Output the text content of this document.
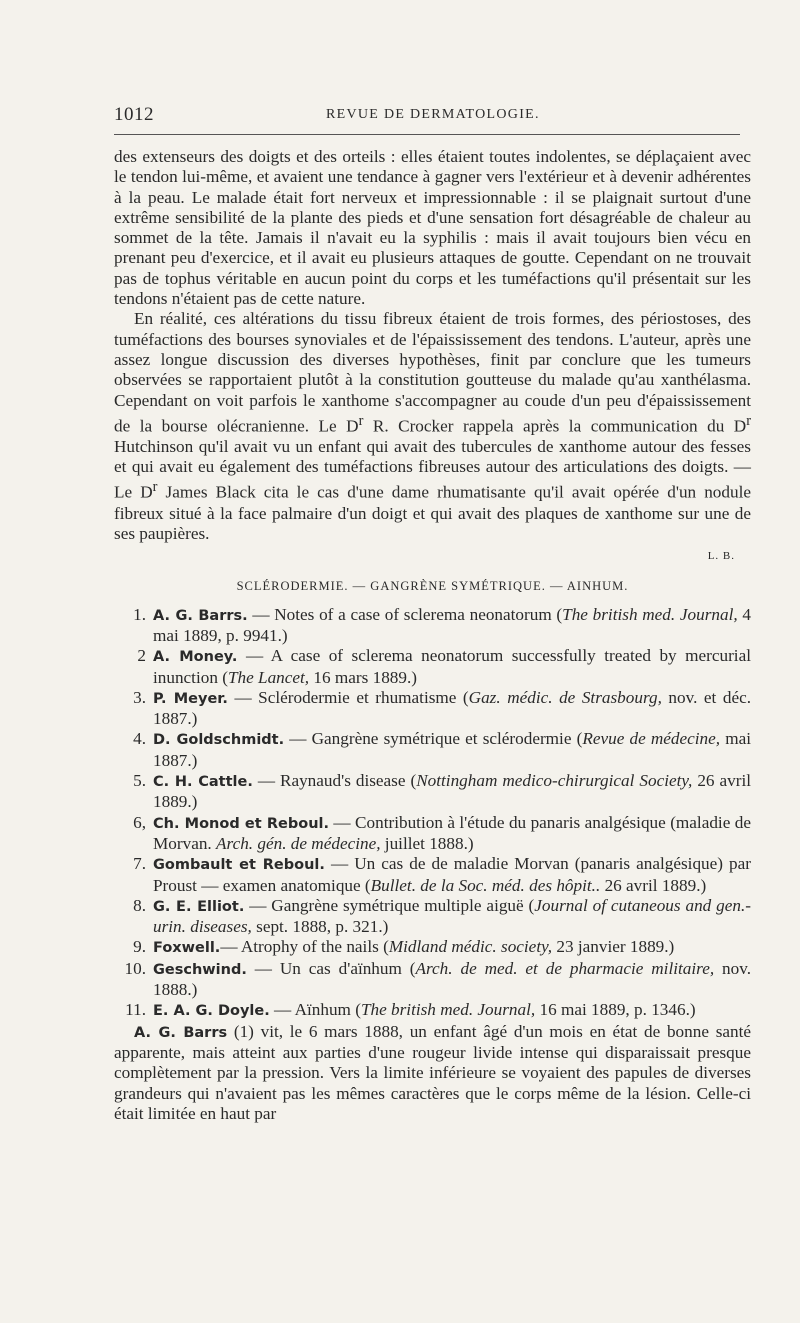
1012	REVUE DE DERMATOLOGIE.

des extenseurs des doigts et des orteils : elles étaient toutes indolentes, se déplaçaient avec le tendon lui-même, et avaient une tendance à gagner vers l'extérieur et à devenir adhérentes à la peau. Le malade était fort nerveux et impressionnable : il se plaignait surtout d'une extrême sensibilité de la plante des pieds et d'une sensation fort désagréable de chaleur au sommet de la tête. Jamais il n'avait eu la syphilis : mais il avait toujours bien vécu en prenant peu d'exercice, et il avait eu plusieurs attaques de goutte. Cependant on ne trouvait pas de tophus véritable en aucun point du corps et les tuméfactions qu'il présentait sur les tendons n'étaient pas de cette nature.

En réalité, ces altérations du tissu fibreux étaient de trois formes, des périostoses, des tuméfactions des bourses synoviales et de l'épaississement des tendons. L'auteur, après une assez longue discussion des diverses hypothèses, finit par conclure que les tumeurs observées se rapportaient plutôt à la constitution goutteuse du malade qu'au xanthélasma. Cependant on voit parfois le xanthome s'accompagner au coude d'un peu d'épaississement de la bourse olécranienne. Le $D^r$ R. Crocker rappela après la communication du $D^r$ Hutchinson qu'il avait vu un enfant qui avait des tubercules de xanthome autour des fesses et qui avait eu également des tuméfactions fibreuses autour des articulations des doigts. — Le $D^r$ James Black cita le cas d'une dame rhumatisante qu'il avait opérée d'un nodule fibreux situé à la face palmaire d'un doigt et qui avait des plaques de xanthome sur une de ses paupières.

L. B.
SCLÉRODERMIE. — GANGRÈNE SYMÉTRIQUE. — AINHUM.
1. A. G. Barrs. — Notes of a case of sclerema neonatorum (The british med. Journal, 4 mai 1889, p. 9941.)
2 A. Money. — A case of sclerema neonatorum successfully treated by mercurial inunction (The Lancet, 16 mars 1889.)
3. P. Meyer. — Sclérodermie et rhumatisme (Gaz. médic. de Strasbourg, nov. et déc. 1887.)
4. D. Goldschmidt. — Gangrène symétrique et sclérodermie (Revue de médecine, mai 1887.)
5. C. H. Cattle. — Raynaud's disease (Nottingham medico-chirurgical Society, 26 avril 1889.)
6, Ch. Monod et Reboul. — Contribution à l'étude du panaris analgésique (maladie de Morvan. Arch. gén. de médecine, juillet 1888.)
7. Gombault et Reboul. — Un cas de de maladie Morvan (panaris analgésique) par Proust — examen anatomique (Bullet. de la Soc. méd. des hôpit.. 26 avril 1889.)
8. G. E. Elliot. — Gangrène symétrique multiple aiguë (Journal of cutaneous and gen.-urin. diseases, sept. 1888, p. 321.)
9. Foxwell.— Atrophy of the nails (Midland médic. society, 23 janvier 1889.)
10. Geschwind. — Un cas d'aïnhum (Arch. de med. et de pharmacie militaire, nov. 1888.)
11. E. A. G. Doyle. — Aïnhum (The british med. Journal, 16 mai 1889, p. 1346.)

A. G. Barrs (1) vit, le 6 mars 1888, un enfant âgé d'un mois en état de bonne santé apparente, mais atteint aux parties d'une rougeur livide intense qui disparaissait presque complètement par la pression. Vers la limite inférieure se voyaient des papules de diverses grandeurs qui n'avaient pas les mêmes caractères que le corps même de la lésion. Celle-ci était limitée en haut par
